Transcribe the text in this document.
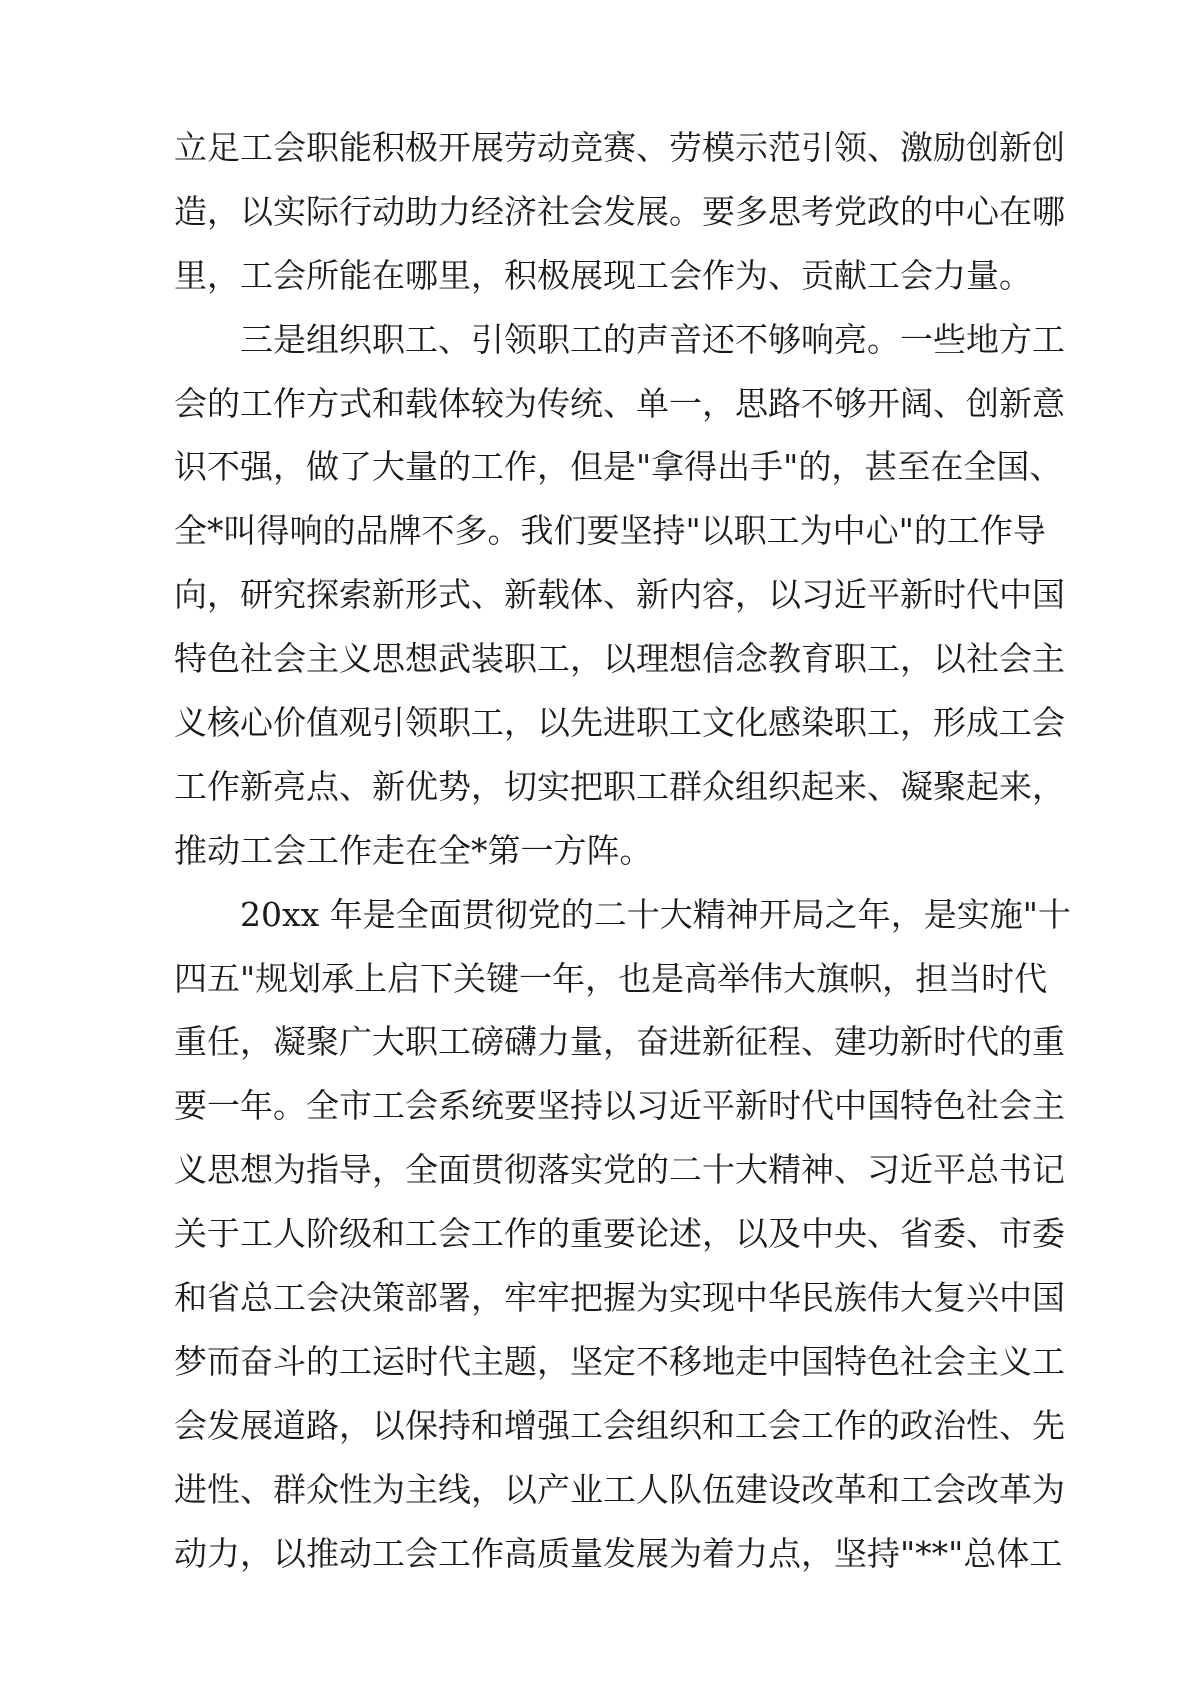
立足工会职能积极开展劳动竞赛、劳模示范引领、激励创新创
造，以实际行动助力经济社会发展。要多思考党政的中心在哪
里，工会所能在哪里，积极展现工会作为、贡献工会力量。
三是组织职工、引领职工的声音还不够响亮。一些地方工
会的工作方式和载体较为传统、单一，思路不够开阔、创新意
识不强，做了大量的工作，但是"拿得出手"的，甚至在全国、
全*叫得响的品牌不多。我们要坚持"以职工为中心"的工作导
向，研究探索新形式、新载体、新内容，以习近平新时代中国
特色社会主义思想武装职工，以理想信念教育职工，以社会主
义核心价值观引领职工，以先进职工文化感染职工，形成工会
工作新亮点、新优势，切实把职工群众组织起来、凝聚起来，
推动工会工作走在全*第一方阵。
20xx 年是全面贯彻党的二十大精神开局之年，是实施"十
四五"规划承上启下关键一年，也是高举伟大旗帜，担当时代
重任，凝聚广大职工磅礴力量，奋进新征程、建功新时代的重
要一年。全市工会系统要坚持以习近平新时代中国特色社会主
义思想为指导，全面贯彻落实党的二十大精神、习近平总书记
关于工人阶级和工会工作的重要论述，以及中央、省委、市委
和省总工会决策部署，牢牢把握为实现中华民族伟大复兴中国
梦而奋斗的工运时代主题，坚定不移地走中国特色社会主义工
会发展道路，以保持和增强工会组织和工会工作的政治性、先
进性、群众性为主线，以产业工人队伍建设改革和工会改革为
动力，以推动工会工作高质量发展为着力点，坚持"**"总体工
